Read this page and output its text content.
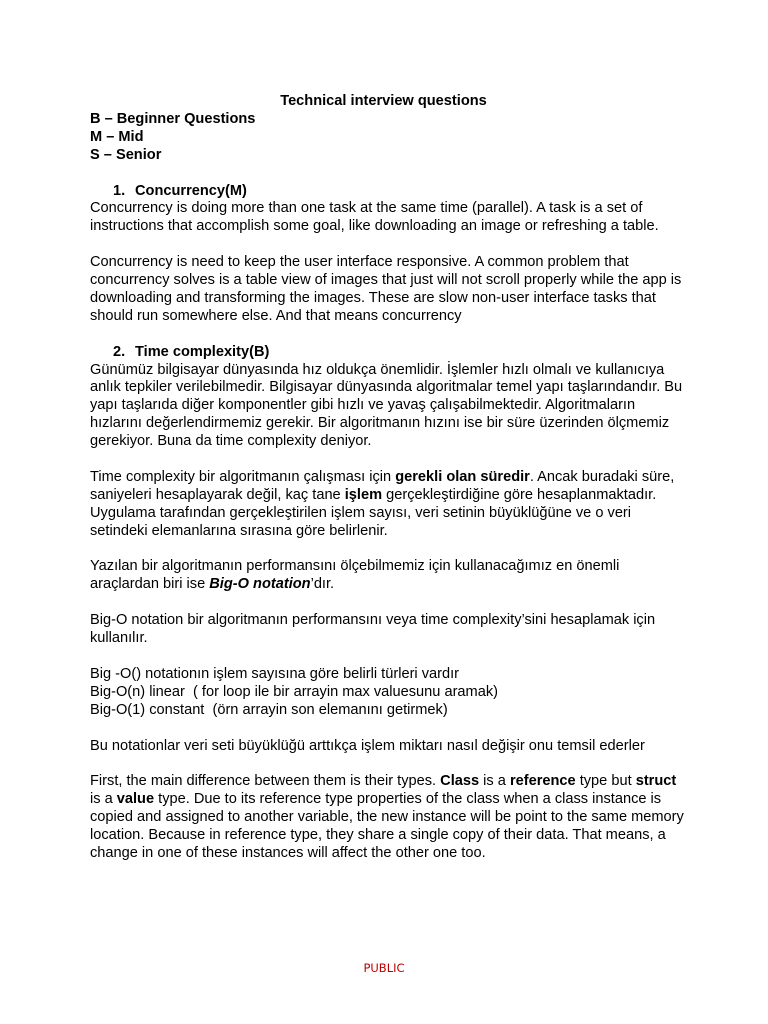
Technical interview questions
B – Beginner Questions
M – Mid
S – Senior
1. Concurrency(M)

Concurrency is doing more than one task at the same time (parallel). A task is a set of instructions that accomplish some goal, like downloading an image or refreshing a table.

Concurrency is need to keep the user interface responsive. A common problem that concurrency solves is a table view of images that just will not scroll properly while the app is downloading and transforming the images. These are slow non-user interface tasks that should run somewhere else. And that means concurrency

2. Time complexity(B)

Günümüz bilgisayar dünyasında hız oldukça önemlidir. İşlemler hızlı olmalı ve kullanıcıya anlık tepkiler verilebilmedir. Bilgisayar dünyasında algoritmalar temel yapı taşlarındandır. Bu yapı taşlarıda diğer komponentler gibi hızlı ve yavaş çalışabilmektedir. Algoritmaların hızlarını değerlendirmemiz gerekir. Bir algoritmanın hızını ise bir süre üzerinden ölçmemiz gerekiyor. Buna da time complexity deniyor.

Time complexity bir algoritmanın çalışması için gerekli olan süredir. Ancak buradaki süre, saniyeleri hesaplayarak değil, kaç tane işlem gerçekleştirdiğine göre hesaplanmaktadır. Uygulama tarafından gerçekleştirilen işlem sayısı, veri setinin büyüklüğüne ve o veri setindeki elemanlarına sırasına göre belirlenir.

Yazılan bir algoritmanın performansını ölçebilmemiz için kullanacağımız en önemli araçlardan biri ise Big-O notation’dır.

Big-O notation bir algoritmanın performansını veya time complexity’sini hesaplamak için kullanılır.

Big -O() notationın işlem sayısına göre belirli türleri vardır

Big-O(n) linear  ( for loop ile bir arrayin max valuesunu aramak)

Big-O(1) constant  (örn arrayin son elemanını getirmek)

Bu notationlar veri seti büyüklüğü arttıkça işlem miktarı nasıl değişir onu temsil ederler

First, the main difference between them is their types. Class is a reference type but struct is a value type. Due to its reference type properties of the class when a class instance is copied and assigned to another variable, the new instance will be point to the same memory location. Because in reference type, they share a single copy of their data. That means, a change in one of these instances will affect the other one too.

PUBLIC
